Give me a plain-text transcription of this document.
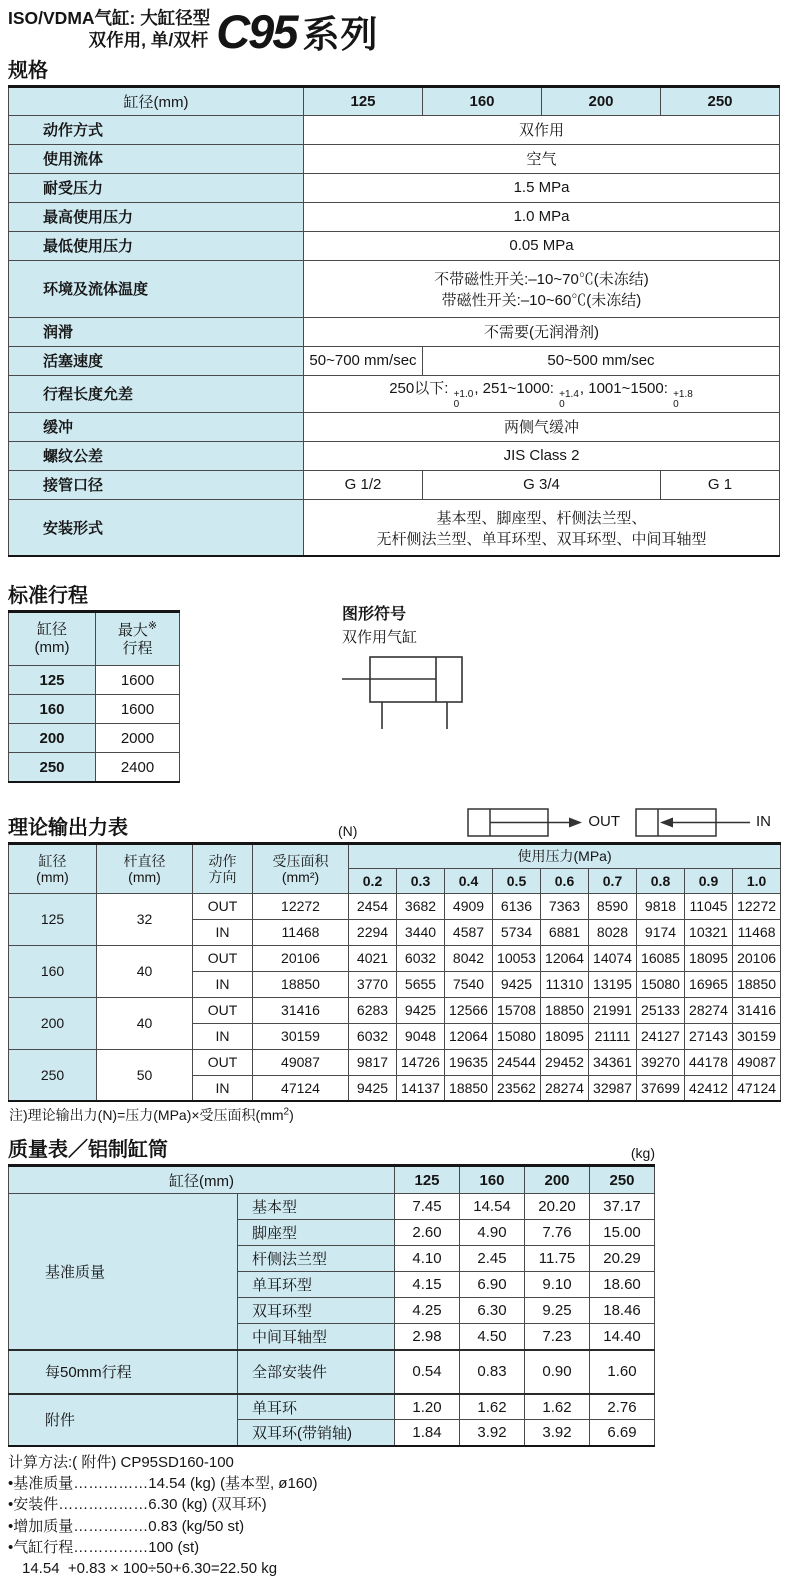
ISO/VDMA气缸: 大缸径型
双作用, 单/双杆 C95 系列
规格
缸径(mm)	125	160	200	250
动作方式	双作用			
使用流体	空气			
耐受压力	1.5 MPa			
最高使用压力	1.0 MPa			
最低使用压力	0.05 MPa			
环境及流体温度	不带磁性开关:–10~70℃(未冻结)
带磁性开关:–10~60℃(未冻结)			

润滑	不需要(无润滑剂)			
活塞速度	50~700 mm/sec	50~500 mm/sec		
行程长度允差	250以下: +1.0
0
, 251~1000: +1.4
0
, 1001~1500: +1.8
0

缓冲	两侧气缓冲			
螺纹公差	JIS Class 2			
接管口径	G 1/2	G 3/4		G 1
安装形式	基本型、脚座型、杆侧法兰型、
无杆侧法兰型、单耳环型、双耳环型、中间耳轴型			
标准行程
缸径
(mm)	最大※
行程
125	1600
160	1600
200	2000
250	2400
图形符号
双作用气缸
理论输出力表	(N)
OUT	IN
缸径
(mm)	杆直径
(mm)	动作
方向	受压面积
(mm²)	使用压力(MPa)								
				0.2	0.3	0.4	0.5	0.6	0.7	0.8	0.9	1.0
125	32	OUT	12272	2454	3682	4909	6136	7363	8590	9818	11045	12272
		IN	11468	2294	3440	4587	5734	6881	8028	9174	10321	11468
160	40	OUT	20106	4021	6032	8042	10053	12064	14074	16085	18095	20106
		IN	18850	3770	5655	7540	9425	11310	13195	15080	16965	18850
200	40	OUT	31416	6283	9425	12566	15708	18850	21991	25133	28274	31416
		IN	30159	6032	9048	12064	15080	18095	21111	24127	27143	30159
250	50	OUT	49087	9817	14726	19635	24544	29452	34361	39270	44178	49087
		IN	47124	9425	14137	18850	23562	28274	32987	37699	42412	47124
注)理论输出力(N)=压力(MPa)×受压面积$(mm^2)$
质量表／铝制缸筒	(kg)
缸径(mm)		125	160	200	250
基准质量	基本型	7.45	14.54	20.20	37.17
	脚座型	2.60	4.90	7.76	15.00
	杆侧法兰型	4.10	2.45	11.75	20.29
	单耳环型	4.15	6.90	9.10	18.60
	双耳环型	4.25	6.30	9.25	18.46
	中间耳轴型	2.98	4.50	7.23	14.40
每50mm行程	全部安装件	0.54	0.83	0.90	1.60
附件	单耳环	1.20	1.62	1.62	2.76
	双耳环(带销轴)	1.84	3.92	3.92	6.69
计算方法:( 附件) CP95SD160-100
•基准质量……………14.54 (kg) (基本型, ø160)
•安装件………………6.30 (kg) (双耳环)
•增加质量……………0.83 (kg/50 st)
•气缸行程……………100 (st)
14.54  +0.83 × 100÷50+6.30=22.50 kg
